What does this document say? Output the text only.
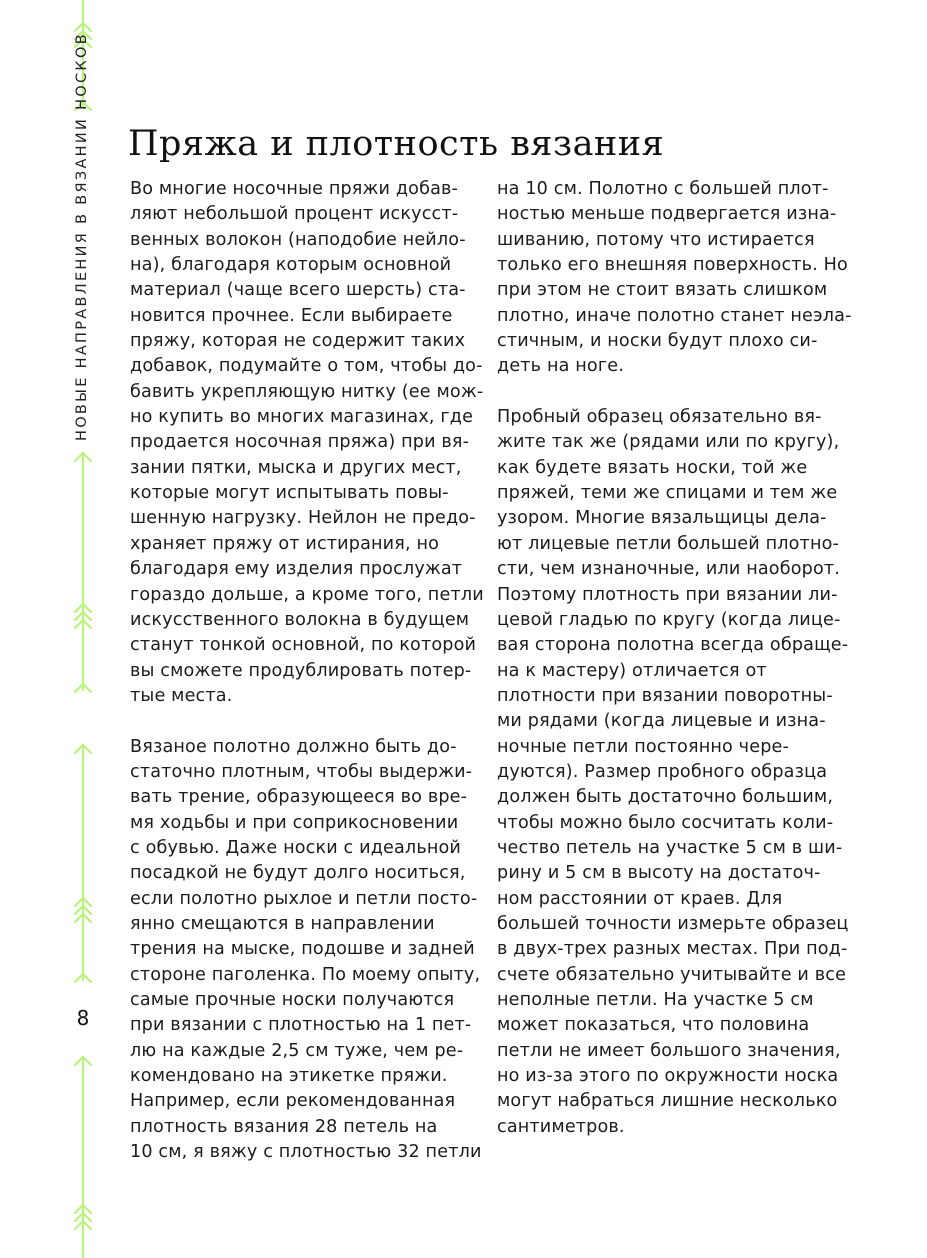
НОВЫЕ НАПРАВЛЕНИЯ В ВЯЗАНИИ НОСКОВ
8
Пряжа и плотность вязания

Во многие носочные пряжи добав-
ляют небольшой процент искусст-
венных волокон (наподобие нейло-
на), благодаря которым основной
материал (чаще всего шерсть) ста-
новится прочнее. Если выбираете
пряжу, которая не содержит таких
добавок, подумайте о том, чтобы до-
бавить укрепляющую нитку (ее мож-
но купить во многих магазинах, где
продается носочная пряжа) при вя-
зании пятки, мыска и других мест,
которые могут испытывать повы-
шенную нагрузку. Нейлон не предо-
храняет пряжу от истирания, но
благодаря ему изделия прослужат
гораздо дольше, а кроме того, петли
искусственного волокна в будущем
станут тонкой основной, по которой
вы сможете продублировать потер-
тые места.

Вязаное полотно должно быть до-
статочно плотным, чтобы выдержи-
вать трение, образующееся во вре-
мя ходьбы и при соприкосновении
с обувью. Даже носки с идеальной
посадкой не будут долго носиться,
если полотно рыхлое и петли посто-
янно смещаются в направлении
трения на мыске, подошве и задней
стороне паголенка. По моему опыту,
самые прочные носки получаются
при вязании с плотностью на 1 пет-
лю на каждые 2,5 см туже, чем ре-
комендовано на этикетке пряжи.
Например, если рекомендованная
плотность вязания 28 петель на
10 см, я вяжу с плотностью 32 петли

на 10 см. Полотно с большей плот-
ностью меньше подвергается изна-
шиванию, потому что истирается
только его внешняя поверхность. Но
при этом не стоит вязать слишком
плотно, иначе полотно станет неэла-
стичным, и носки будут плохо си-
деть на ноге.

Пробный образец обязательно вя-
жите так же (рядами или по кругу),
как будете вязать носки, той же
пряжей, теми же спицами и тем же
узором. Многие вязальщицы дела-
ют лицевые петли большей плотно-
сти, чем изнаночные, или наоборот.
Поэтому плотность при вязании ли-
цевой гладью по кругу (когда лице-
вая сторона полотна всегда обраще-
на к мастеру) отличается от
плотности при вязании поворотны-
ми рядами (когда лицевые и изна-
ночные петли постоянно чере-
дуются). Размер пробного образца
должен быть достаточно большим,
чтобы можно было сосчитать коли-
чество петель на участке 5 см в ши-
рину и 5 см в высоту на достаточ-
ном расстоянии от краев. Для
большей точности измерьте образец
в двух-трех разных местах. При под-
счете обязательно учитывайте и все
неполные петли. На участке 5 см
может показаться, что половина
петли не имеет большого значения,
но из-за этого по окружности носка
могут набраться лишние несколько
сантиметров.
